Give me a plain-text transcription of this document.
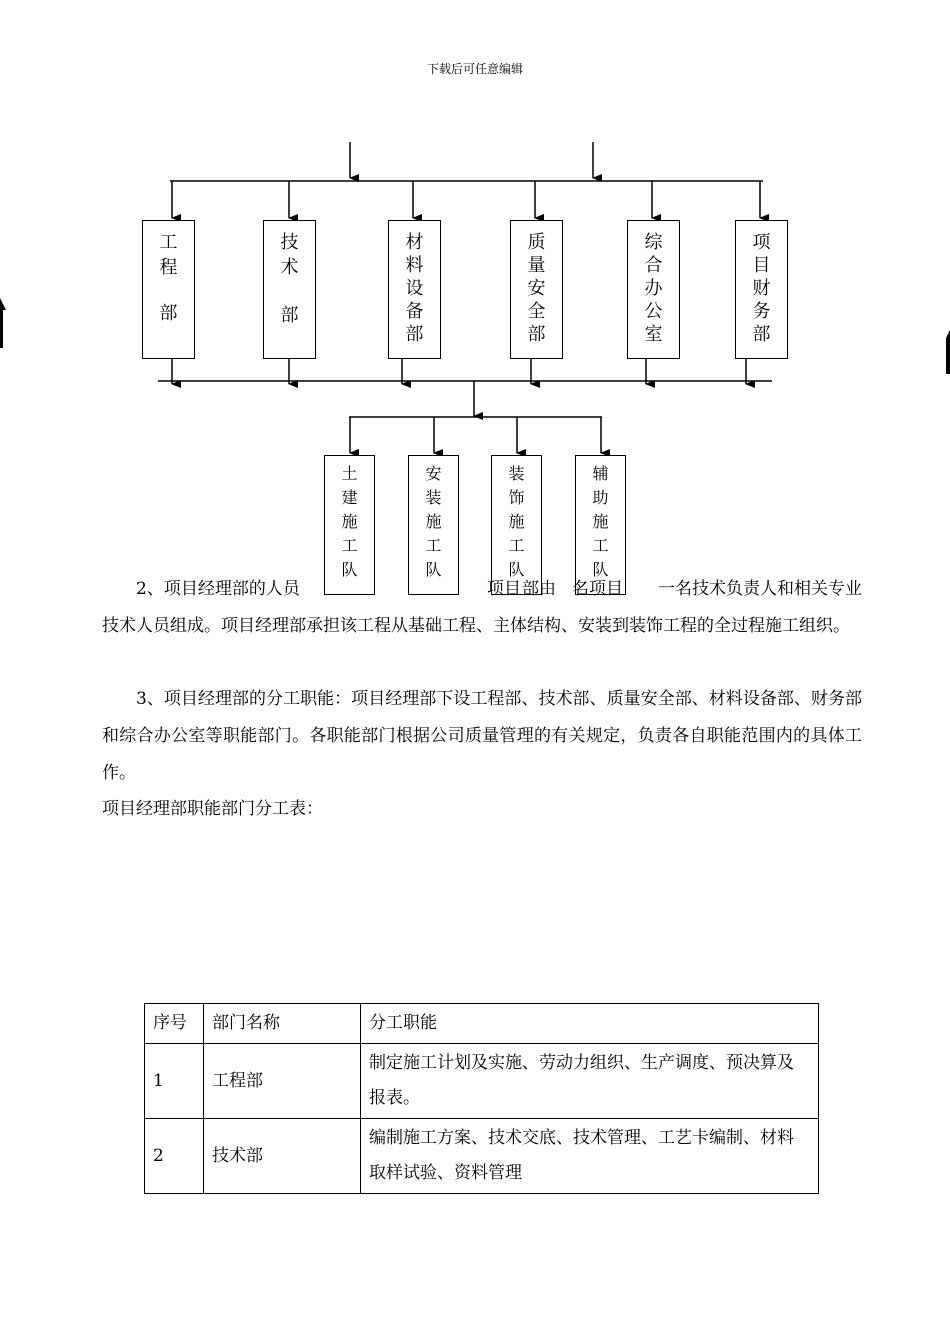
下载后可任意编辑
工
程
部
技
术
部
材
料
设
备
部
质
量
安
全
部
综
合
办
公
室
项
目
财
务
部
土
建
施
工
队
安
装
施
工
队
装
饰
施
工
队
辅
助
施
工
队
2、项目经理部的人员	项目 部由 名项目 一名技术负责人和相关专业
技术人员组成。项目经理部承担该工程从基础工程、主体结构、安装到装饰工程的全过程施工组织。
3、项目经理部的分工职能：项目经理部下设工程部、技术部、质量安全部、材料设备部、财务部和综合办公室等职能部门。各职能部门根据公司质量管理的有关规定，负责各自职能范围内的具体工作。
项目经理部职能部门分工表：
序号	部门名称	分工职能
1	工程部	制定施工计划及实施、劳动力组织、生产调度、预决算及报表。
2	技术部	编制施工方案、技术交底、技术管理、工艺卡编制、材料取样试验、资料管理
